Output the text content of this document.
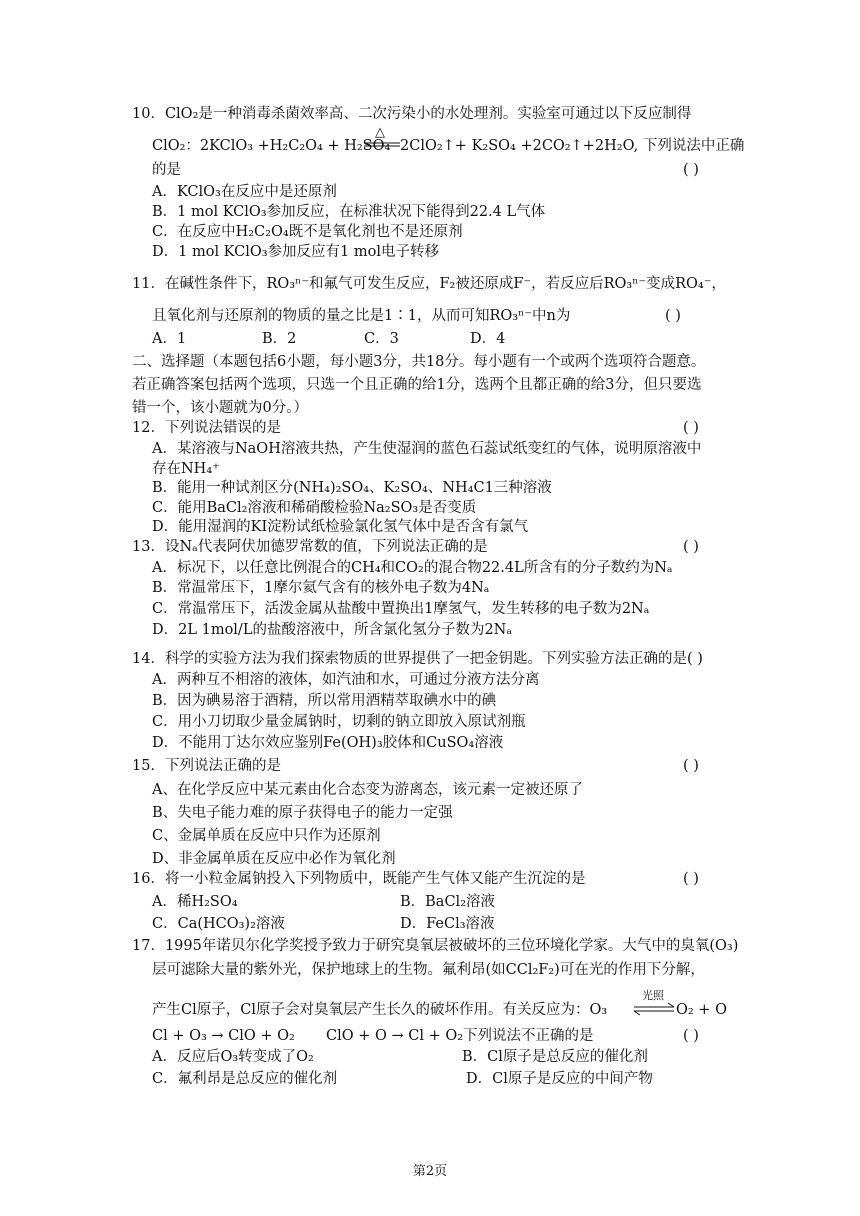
10．ClO₂是一种消毒杀菌效率高、二次污染小的水处理剂。实验室可通过以下反应制得
△
ClO₂：2KClO₃ +H₂C₂O₄ + H₂SO₄ 2ClO₂↑+ K₂SO₄ +2CO₂↑+2H₂O, 下列说法中正确
的是	( )
A．KClO₃在反应中是还原剂
B．1 mol KClO₃参加反应，在标准状况下能得到22.4 L气体
C．在反应中H₂C₂O₄既不是氧化剂也不是还原剂
D．1 mol KClO₃参加反应有1 mol电子转移
11．在碱性条件下，RO₃ⁿ⁻和氟气可发生反应，F₂被还原成F⁻，若反应后RO₃ⁿ⁻变成RO₄⁻，
且氧化剂与还原剂的物质的量之比是1∶1，从而可知RO₃ⁿ⁻中n为	( )
A．1	B．2	C．3	D．4
二、选择题（本题包括6小题，每小题3分，共18分。每小题有一个或两个选项符合题意。
若正确答案包括两个选项，只选一个且正确的给1分，选两个且都正确的给3分，但只要选
错一个，该小题就为0分。）
12．下列说法错误的是	( )
A．某溶液与NaOH溶液共热，产生使湿润的蓝色石蕊试纸变红的气体，说明原溶液中
存在NH₄⁺
B．能用一种试剂区分(NH₄)₂SO₄、K₂SO₄、NH₄C1三种溶液
C．能用BaCl₂溶液和稀硝酸检验Na₂SO₃是否变质
D．能用湿润的KI淀粉试纸检验氯化氢气体中是否含有氯气
13．设Nₐ代表阿伏加德罗常数的值，下列说法正确的是	( )
A．标况下，以任意比例混合的CH₄和CO₂的混合物22.4L所含有的分子数约为Nₐ
B．常温常压下，1摩尔氦气含有的核外电子数为4Nₐ
C．常温常压下，活泼金属从盐酸中置换出1摩氢气，发生转移的电子数为2Nₐ
D．2L 1mol/L的盐酸溶液中，所含氯化氢分子数为2Nₐ
14．科学的实验方法为我们探索物质的世界提供了一把金钥匙。下列实验方法正确的是( )
A．两种互不相溶的液体，如汽油和水，可通过分液方法分离
B．因为碘易溶于酒精，所以常用酒精萃取碘水中的碘
C．用小刀切取少量金属钠时，切剩的钠立即放入原试剂瓶
D．不能用丁达尔效应鉴别Fe(OH)₃胶体和CuSO₄溶液
15．下列说法正确的是	( )
A、在化学反应中某元素由化合态变为游离态，该元素一定被还原了
B、失电子能力难的原子获得电子的能力一定强
C、金属单质在反应中只作为还原剂
D、非金属单质在反应中必作为氧化剂
16．将一小粒金属钠投入下列物质中，既能产生气体又能产生沉淀的是	( )
A．稀H₂SO₄	B．BaCl₂溶液
C．Ca(HCO₃)₂溶液	D．FeCl₃溶液
17．1995年诺贝尔化学奖授予致力于研究臭氧层被破坏的三位环境化学家。大气中的臭氧(O₃)
层可滤除大量的紫外光，保护地球上的生物。氟利昂(如CCl₂F₂)可在光的作用下分解，
产生Cl原子，Cl原子会对臭氧层产生长久的破坏作用。有关反应为：O₃
光照
⇌ O₂ + O
Cl + O₃ → ClO + O₂ ClO + O → Cl + O₂下列说法不正确的是	( )
A．反应后O₃转变成了O₂	B．Cl原子是总反应的催化剂
C．氟利昂是总反应的催化剂	D．Cl原子是反应的中间产物
第2页
